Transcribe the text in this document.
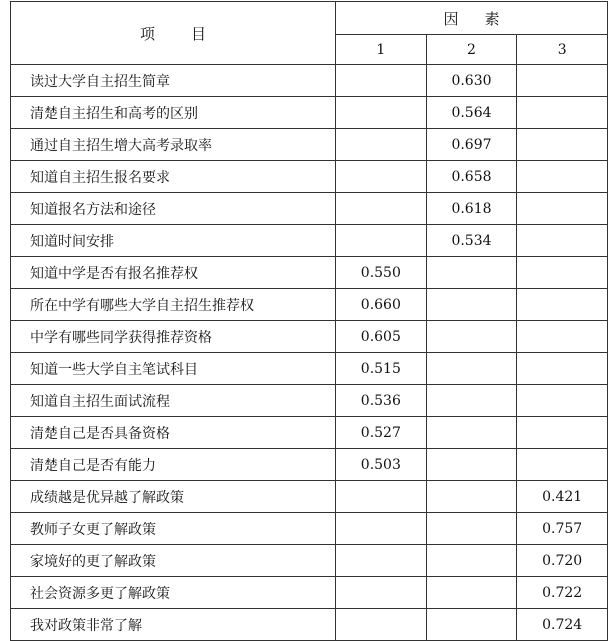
项 目	因 素		
	1	2	3
读过大学自主招生简章		0.630	
清楚自主招生和高考的区别		0.564	
通过自主招生增大高考录取率		0.697	
知道自主招生报名要求		0.658	
知道报名方法和途径		0.618	
知道时间安排		0.534	
知道中学是否有报名推荐权	0.550		
所在中学有哪些大学自主招生推荐权	0.660		
中学有哪些同学获得推荐资格	0.605		
知道一些大学自主笔试科目	0.515		
知道自主招生面试流程	0.536		
清楚自己是否具备资格	0.527		
清楚自己是否有能力	0.503		
成绩越是优异越了解政策			0.421
教师子女更了解政策			0.757
家境好的更了解政策			0.720
社会资源多更了解政策			0.722
我对政策非常了解			0.724
